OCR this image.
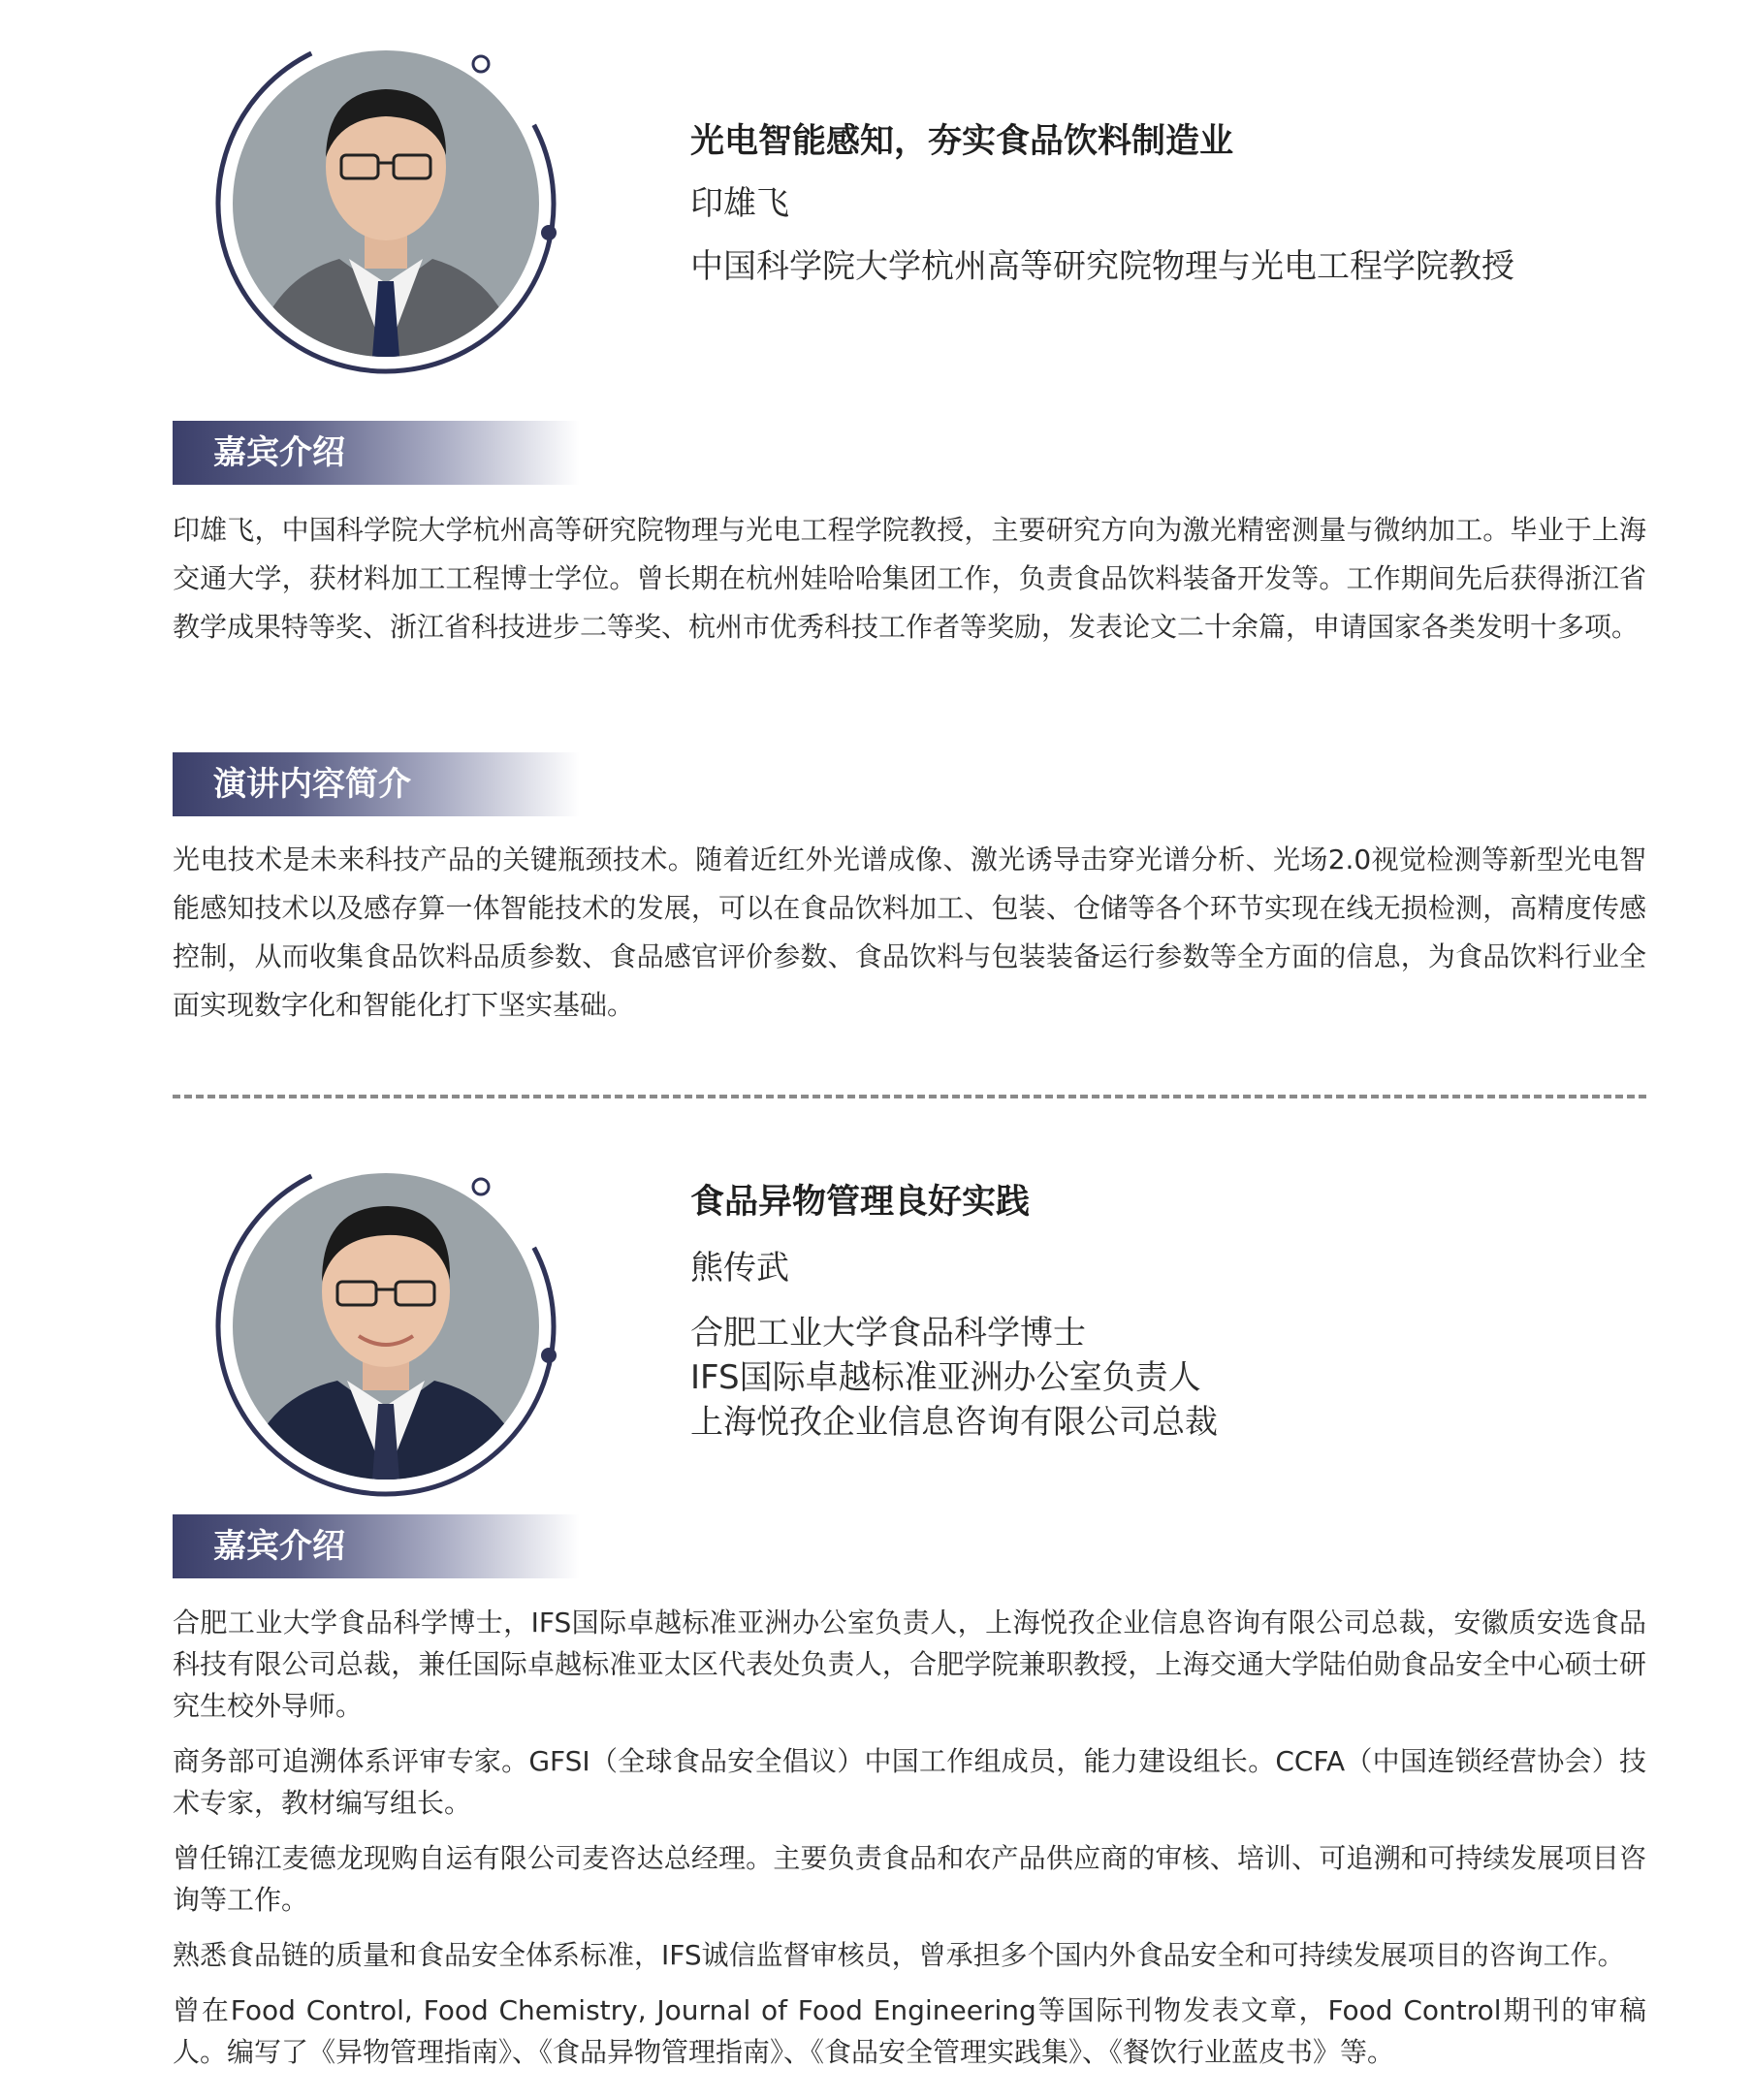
光电智能感知，夯实食品饮料制造业
印雄飞
中国科学院大学杭州高等研究院物理与光电工程学院教授
嘉宾介绍

印雄飞，中国科学院大学杭州高等研究院物理与光电工程学院教授，主要研究方向为激光精密测量与微纳加工。毕业于上海交通大学，获材料加工工程博士学位。曾长期在杭州娃哈哈集团工作，负责食品饮料装备开发等。工作期间先后获得浙江省教学成果特等奖、浙江省科技进步二等奖、杭州市优秀科技工作者等奖励，发表论文二十余篇，申请国家各类发明十多项。

演讲内容简介

光电技术是未来科技产品的关键瓶颈技术。随着近红外光谱成像、激光诱导击穿光谱分析、光场2.0视觉检测等新型光电智能感知技术以及感存算一体智能技术的发展，可以在食品饮料加工、包装、仓储等各个环节实现在线无损检测，高精度传感控制，从而收集食品饮料品质参数、食品感官评价参数、食品饮料与包装装备运行参数等全方面的信息，为食品饮料行业全面实现数字化和智能化打下坚实基础。

食品异物管理良好实践
熊传武
合肥工业大学食品科学博士
IFS国际卓越标准亚洲办公室负责人
上海悦孜企业信息咨询有限公司总裁
嘉宾介绍

合肥工业大学食品科学博士，IFS国际卓越标准亚洲办公室负责人，上海悦孜企业信息咨询有限公司总裁，安徽质安选食品科技有限公司总裁，兼任国际卓越标准亚太区代表处负责人，合肥学院兼职教授，上海交通大学陆伯勋食品安全中心硕士研究生校外导师。

商务部可追溯体系评审专家。GFSI（全球食品安全倡议）中国工作组成员，能力建设组长。CCFA（中国连锁经营协会）技术专家，教材编写组长。

曾任锦江麦德龙现购自运有限公司麦咨达总经理。主要负责食品和农产品供应商的审核、培训、可追溯和可持续发展项目咨询等工作。

熟悉食品链的质量和食品安全体系标准，IFS诚信监督审核员，曾承担多个国内外食品安全和可持续发展项目的咨询工作。

曾在Food Control, Food Chemistry, Journal of Food Engineering等国际刊物发表文章，Food Control期刊的审稿人。编写了《异物管理指南》、《食品异物管理指南》、《食品安全管理实践集》、《餐饮行业蓝皮书》等。
